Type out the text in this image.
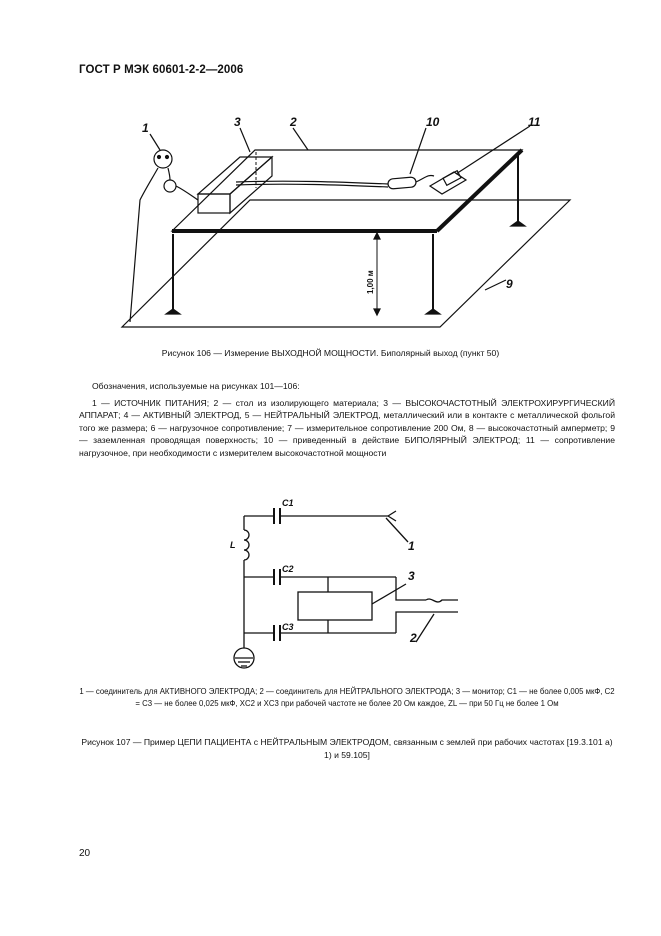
ГОСТ Р МЭК 60601-2-2—2006
1	3	2	10	11
9
1,00 м
Рисунок 106 — Измерение ВЫХОДНОЙ МОЩНОСТИ. Биполярный выход (пункт 50)
Обозначения, используемые на рисунках 101—106:
1 — ИСТОЧНИК ПИТАНИЯ; 2 — стол из изолирующего материала; 3 — ВЫСОКОЧАСТОТНЫЙ ЭЛЕКТРОХИРУРГИЧЕСКИЙ АППАРАТ; 4 — АКТИВНЫЙ ЭЛЕКТРОД, 5 — НЕЙТРАЛЬНЫЙ ЭЛЕКТРОД, металлический или в контакте с металлической фольгой того же размера; 6 — нагрузочное сопротивление; 7 — измерительное сопротивление 200 Ом, 8 — высокочастотный амперметр; 9 — заземленная проводящая поверхность; 10 — приведенный в действие БИПОЛЯРНЫЙ ЭЛЕКТРОД; 11 — сопротивление нагрузочное, при необходимости с измерителем высокочастотной мощности
C1
L
C2
C3
3
1
2
1 — соединитель для АКТИВНОГО ЭЛЕКТРОДА; 2 — соединитель для НЕЙТРАЛЬНОГО ЭЛЕКТРОДА; 3 — монитор; C1 — не более 0,005 мкФ, C2 = C3 — не более 0,025 мкФ, XC2 и XC3 при рабочей частоте не более 20 Ом каждое, ZL — при 50 Гц не более 1 Ом
Рисунок 107 — Пример ЦЕПИ ПАЦИЕНТА с НЕЙТРАЛЬНЫМ ЭЛЕКТРОДОМ, связанным с землей при рабочих частотах [19.3.101 а) 1) и 59.105]
20
